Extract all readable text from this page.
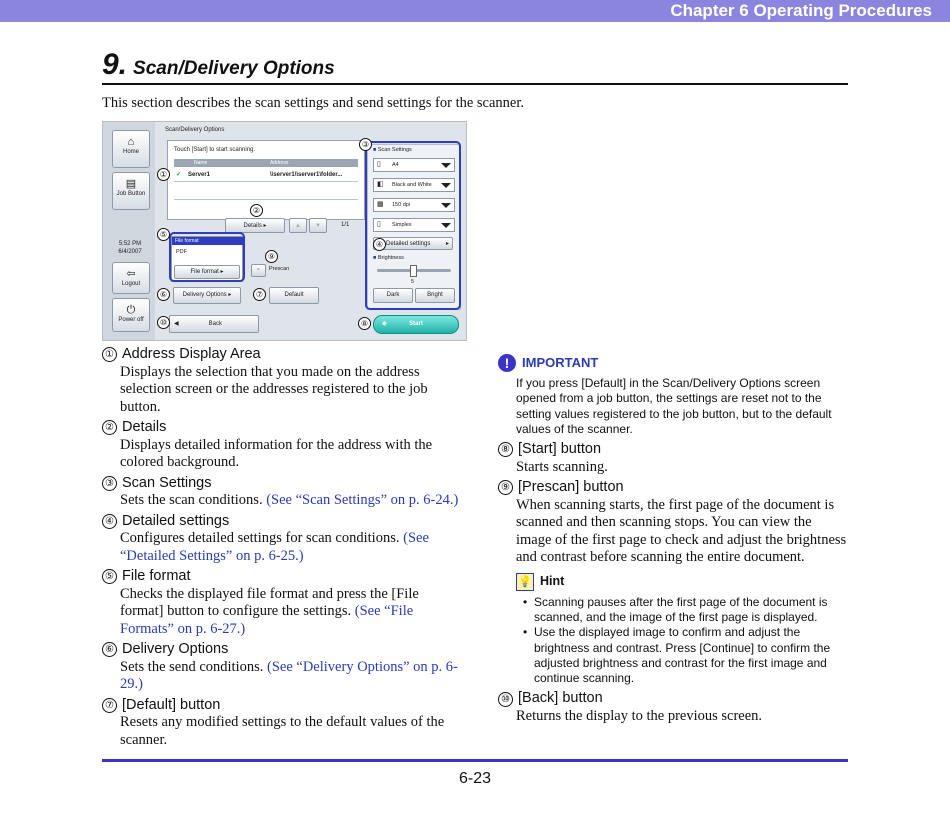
Chapter 6 Operating Procedures
9. Scan/Delivery Options
This section describes the scan settings and send settings for the scanner.
⌂
Home
▤
Job Button
5:52 PM
6/4/2007
⇦
Logout
⏻
Power off
Scan/Delivery Options
Touch [Start] to start scanning.
Name	Address
✔ Server1	\\server1\\server1\folder...
Details ▸	▲	▼	1/1
File format
PDF
File format ▸	▫	Prescan
Delivery Options ▸	Default
◀	Back	◆	Start
■ Scan Settings
▯ A4
◧ Black and White
▦ 150 dpi
▯ Simplex
Detailed settings	▸
■ Brightness
5
Dark	Bright
③
①
②
⑤
⑨
④
⑥	⑦
⑩	⑧
① Address Display Area

Displays the selection that you made on the address selection screen or the addresses registered to the job button.

② Details

Displays detailed information for the address with the colored background.

③ Scan Settings

Sets the scan conditions. (See “Scan Settings” on p. 6-24.)

④ Detailed settings

Configures detailed settings for scan conditions. (See “Detailed Settings” on p. 6-25.)

⑤ File format

Checks the displayed file format and press the [File format] button to configure the settings. (See “File Formats” on p. 6-27.)

⑥ Delivery Options

Sets the send conditions. (See “Delivery Options” on p. 6-29.)

⑦ [Default] button

Resets any modified settings to the default values of the scanner.

! IMPORTANT

If you press [Default] in the Scan/Delivery Options screen opened from a job button, the settings are reset not to the setting values registered to the job button, but to the default values of the scanner.

⑧ [Start] button

Starts scanning.

⑨ [Prescan] button

When scanning starts, the first page of the document is scanned and then scanning stops. You can view the image of the first page to check and adjust the brightness and contrast before scanning the entire document.

💡 Hint
• Scanning pauses after the first page of the document is scanned, and the image of the first page is displayed.
• Use the displayed image to confirm and adjust the brightness and contrast. Press [Continue] to confirm the adjusted brightness and contrast for the first image and continue scanning.
⑩ [Back] button

Returns the display to the previous screen.

6-23
